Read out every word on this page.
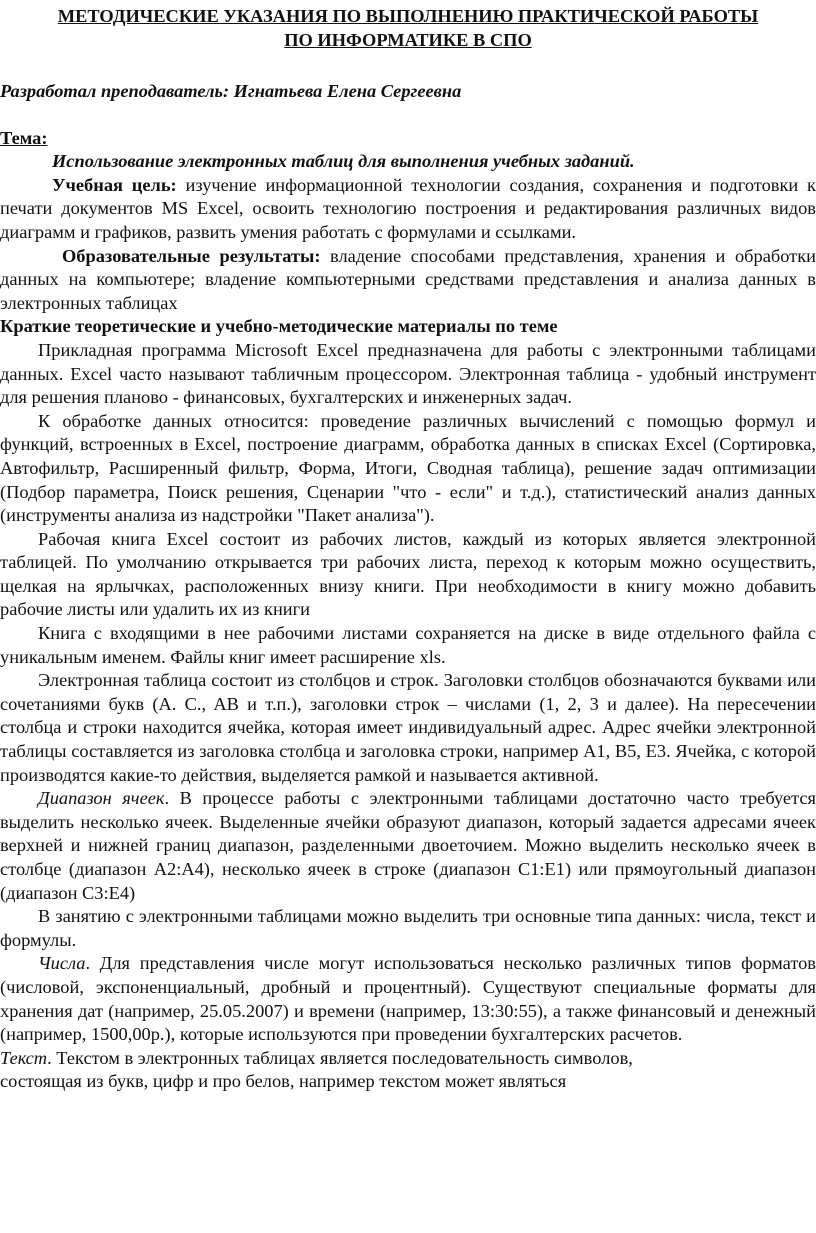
МЕТОДИЧЕСКИЕ УКАЗАНИЯ ПО ВЫПОЛНЕНИЮ ПРАКТИЧЕСКОЙ РАБОТЫ
ПО ИНФОРМАТИКЕ В СПО
Разработал преподаватель: Игнатьева Елена Сергеевна
Тема:
Использование электронных таблиц для выполнения учебных заданий.

Учебная цель: изучение информационной технологии создания, сохранения и подготовки к печати документов MS Excel, освоить технологию построения и редактирования различных видов диаграмм и графиков, развить умения работать с формулами и ссылками.

Образовательные результаты: владение способами представления, хранения и обработки данных на компьютере; владение компьютерными средствами представления и анализа данных в электронных таблицах

Краткие теоретические и учебно-методические материалы по теме

Прикладная программа Microsoft Excel предназначена для работы с электронными таблицами данных. Excel часто называют табличным процессором. Электронная таблица - удобный инструмент для решения планово - финансовых, бухгалтерских и инженерных задач.

К обработке данных относится: проведение различных вычислений с помощью формул и функций, встроенных в Excel, построение диаграмм, обработка данных в списках Excel (Сортировка, Автофильтр, Расширенный фильтр, Форма, Итоги, Сводная таблица), решение задач оптимизации (Подбор параметра, Поиск решения, Сценарии "что - если" и т.д.), статистический анализ данных (инструменты анализа из надстройки "Пакет анализа").

Рабочая книга Excel состоит из рабочих листов, каждый из которых является электронной таблицей. По умолчанию открывается три рабочих листа, переход к которым можно осуществить, щелкая на ярлычках, расположенных внизу книги. При необходимости в книгу можно добавить рабочие листы или удалить их из книги

Книга с входящими в нее рабочими листами сохраняется на диске в виде отдельного файла с уникальным именем. Файлы книг имеет расширение xls.

Электронная таблица состоит из столбцов и строк. Заголовки столбцов обозначаются буквами или сочетаниями букв (A. C., AB и т.п.), заголовки строк – числами (1, 2, 3 и далее). На пересечении столбца и строки находится ячейка, которая имеет индивидуальный адрес. Адрес ячейки электронной таблицы составляется из заголовка столбца и заголовка строки, например A1, B5, E3. Ячейка, с которой производятся какие-то действия, выделяется рамкой и называется активной.

Диапазон ячеек. В процессе работы с электронными таблицами достаточно часто требуется выделить несколько ячеек. Выделенные ячейки образуют диапазон, который задается адресами ячеек верхней и нижней границ диапазон, разделенными двоеточием. Можно выделить несколько ячеек в столбце (диапазон A2:A4), несколько ячеек в строке (диапазон C1:E1) или прямоугольный диапазон (диапазон C3:E4)

В занятию с электронными таблицами можно выделить три основные типа данных: числа, текст и формулы.

Числа. Для представления числе могут использоваться несколько различных типов форматов (числовой, экспоненциальный, дробный и процентный). Существуют специальные форматы для хранения дат (например, 25.05.2007) и времени (например, 13:30:55), а также финансовый и денежный (например, 1500,00р.), которые используются при проведении бухгалтерских расчетов.

Текст. Текстом в электронных таблицах является последовательность символов,

состоящая из букв, цифр и про белов, например текстом может являться
